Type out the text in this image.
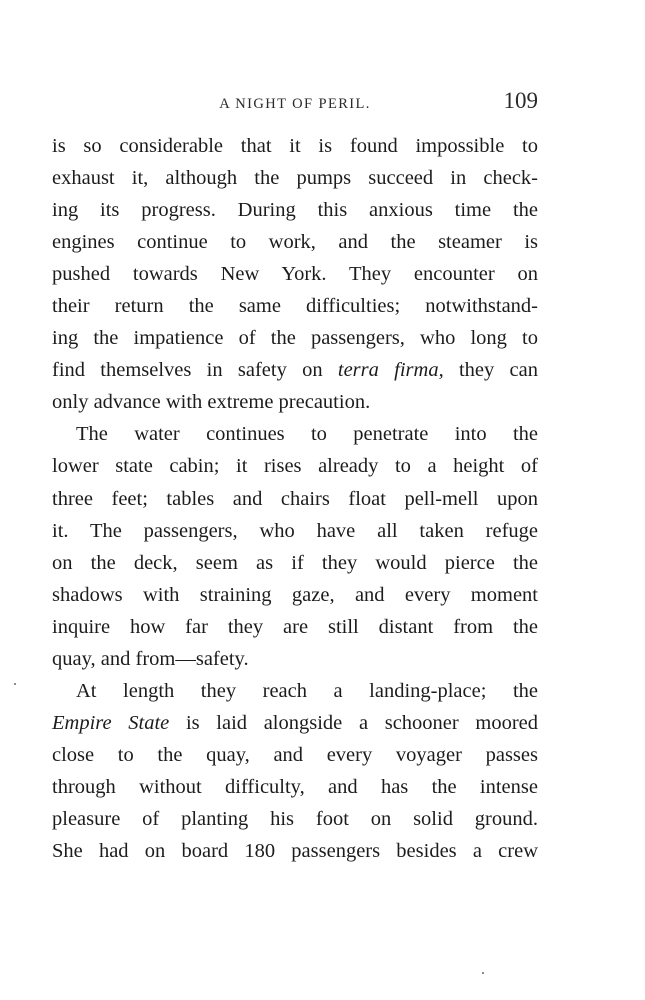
A NIGHT OF PERIL.	109
is so considerable that it is found impossible to
exhaust it, although the pumps succeed in check-
ing its progress. During this anxious time the
engines continue to work, and the steamer is
pushed towards New York. They encounter on
their return the same difficulties; notwithstand-
ing the impatience of the passengers, who long to
find themselves in safety on terra firma, they can
only advance with extreme precaution.
The water continues to penetrate into the
lower state cabin; it rises already to a height of
three feet; tables and chairs float pell-mell upon
it. The passengers, who have all taken refuge
on the deck, seem as if they would pierce the
shadows with straining gaze, and every moment
inquire how far they are still distant from the
quay, and from—safety.
At length they reach a landing-place; the
Empire State is laid alongside a schooner moored
close to the quay, and every voyager passes
through without difficulty, and has the intense
pleasure of planting his foot on solid ground.
She had on board 180 passengers besides a crew
